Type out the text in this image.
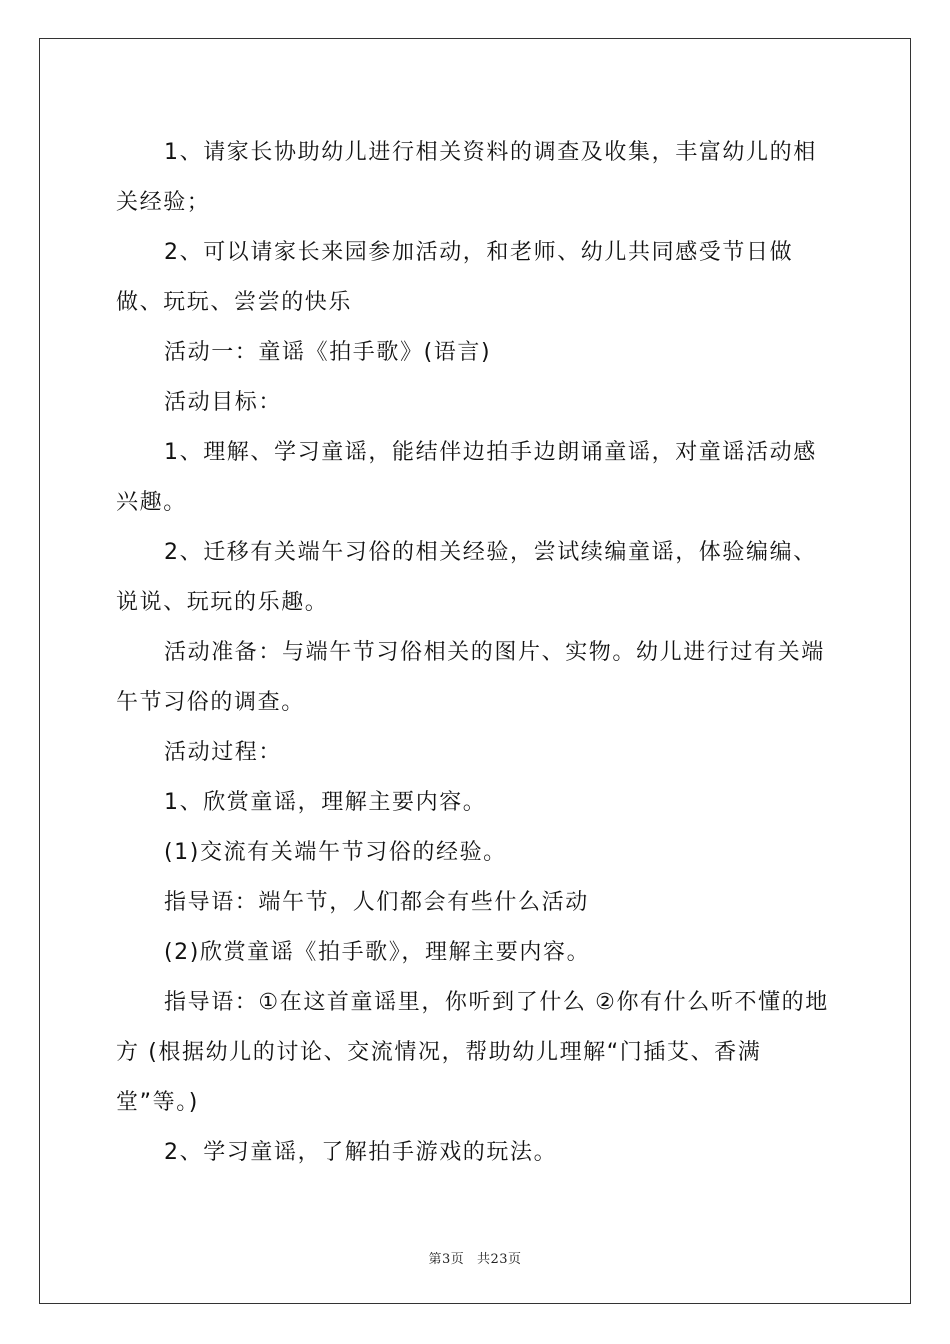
1、请家长协助幼儿进行相关资料的调查及收集，丰富幼儿的相关经验；

2、可以请家长来园参加活动，和老师、幼儿共同感受节日做做、玩玩、尝尝的快乐

活动一：童谣《拍手歌》(语言)

活动目标：

1、理解、学习童谣，能结伴边拍手边朗诵童谣，对童谣活动感兴趣。

2、迁移有关端午习俗的相关经验，尝试续编童谣，体验编编、说说、玩玩的乐趣。

活动准备：与端午节习俗相关的图片、实物。幼儿进行过有关端午节习俗的调查。

活动过程：

1、欣赏童谣，理解主要内容。

(1)交流有关端午节习俗的经验。

指导语：端午节，人们都会有些什么活动

(2)欣赏童谣《拍手歌》，理解主要内容。

指导语：①在这首童谣里，你听到了什么 ②你有什么听不懂的地方 (根据幼儿的讨论、交流情况，帮助幼儿理解“门插艾、香满堂”等。)

2、学习童谣，了解拍手游戏的玩法。

第3页 共23页
